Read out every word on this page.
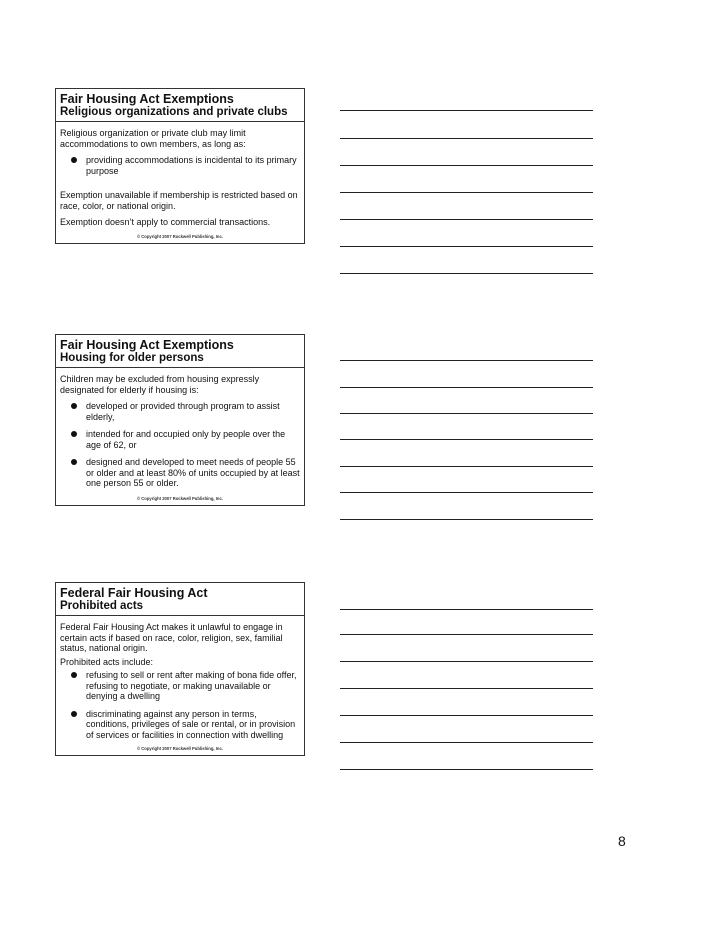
Fair Housing Act Exemptions
Religious organizations and private clubs

Religious organization or private club may limit accommodations to own members, as long as:

providing accommodations is incidental to its primary purpose

Exemption unavailable if membership is restricted based on race, color, or national origin.

Exemption doesn’t apply to commercial transactions.

© Copyright 2007 Rockwell Publishing, Inc.
Fair Housing Act Exemptions
Housing for older persons

Children may be excluded from housing expressly designated for elderly if housing is:

developed or provided through program to assist elderly,
intended for and occupied only by people over the age of 62, or
designed and developed to meet needs of people 55 or older and at least 80% of units occupied by at least one person 55 or older.
© Copyright 2007 Rockwell Publishing, Inc.
Federal Fair Housing Act
Prohibited acts

Federal Fair Housing Act makes it unlawful to engage in certain acts if based on race, color, religion, sex, familial status, national origin.

Prohibited acts include:

refusing to sell or rent after making of bona fide offer, refusing to negotiate, or making unavailable or denying a dwelling
discriminating against any person in terms, conditions, privileges of sale or rental, or in provision of services or facilities in connection with dwelling
© Copyright 2007 Rockwell Publishing, Inc.
8
